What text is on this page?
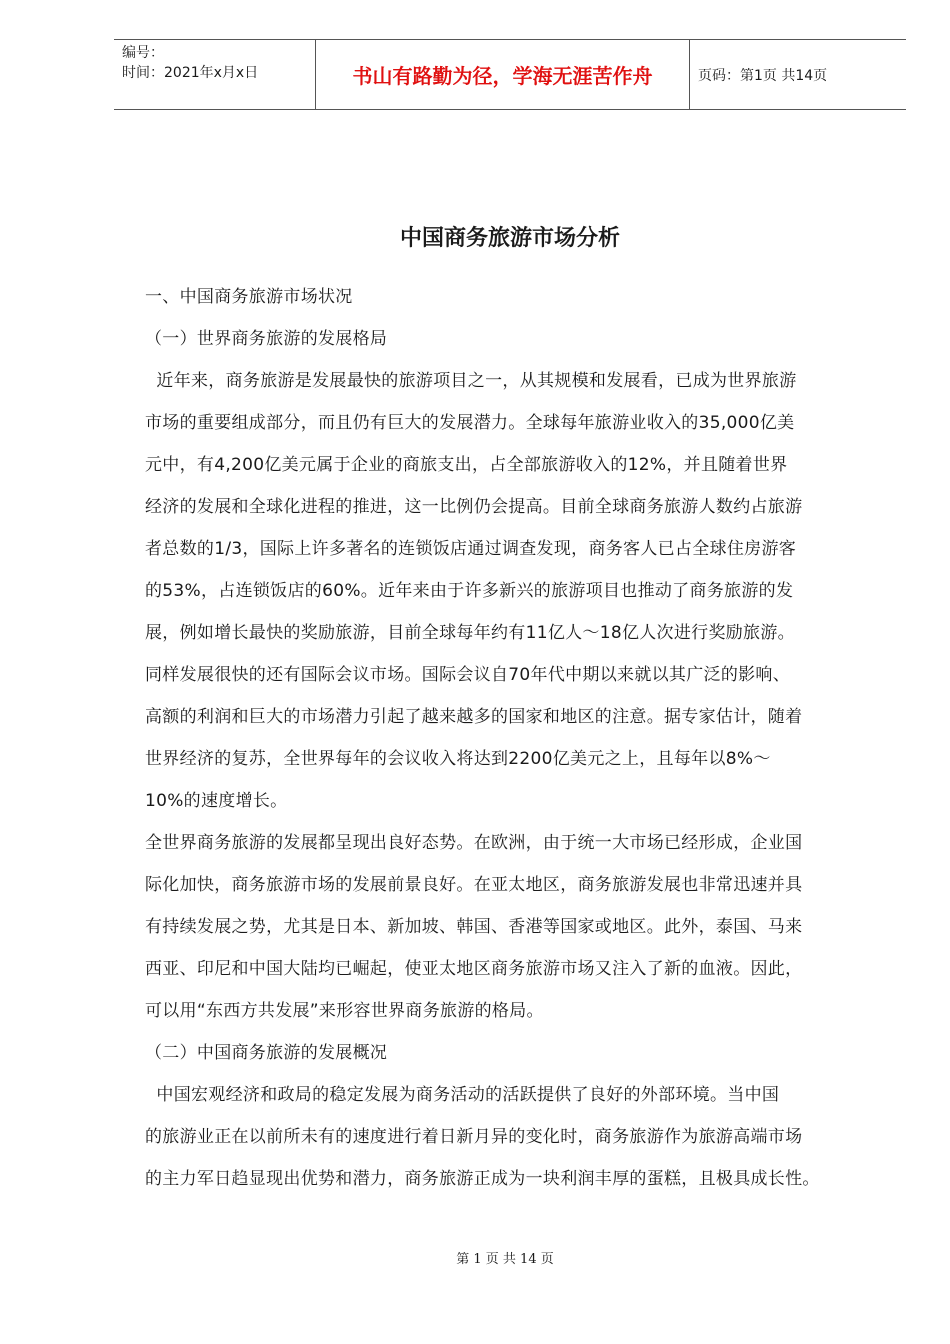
编号：
时间：2021年x月x日	书山有路勤为径，学海无涯苦作舟	页码：第1页 共14页
中国商务旅游市场分析
一、中国商务旅游市场状况
（一）世界商务旅游的发展格局
近年来，商务旅游是发展最快的旅游项目之一，从其规模和发展看，已成为世界旅游
市场的重要组成部分，而且仍有巨大的发展潜力。全球每年旅游业收入的35,000亿美
元中，有4,200亿美元属于企业的商旅支出，占全部旅游收入的12%，并且随着世界
经济的发展和全球化进程的推进，这一比例仍会提高。目前全球商务旅游人数约占旅游
者总数的1/3，国际上许多著名的连锁饭店通过调查发现，商务客人已占全球住房游客
的53%，占连锁饭店的60%。近年来由于许多新兴的旅游项目也推动了商务旅游的发
展，例如增长最快的奖励旅游，目前全球每年约有11亿人～18亿人次进行奖励旅游。
同样发展很快的还有国际会议市场。国际会议自70年代中期以来就以其广泛的影响、
高额的利润和巨大的市场潜力引起了越来越多的国家和地区的注意。据专家估计，随着
世界经济的复苏，全世界每年的会议收入将达到2200亿美元之上，且每年以8%～
10%的速度增长。
全世界商务旅游的发展都呈现出良好态势。在欧洲，由于统一大市场已经形成，企业国
际化加快，商务旅游市场的发展前景良好。在亚太地区，商务旅游发展也非常迅速并具
有持续发展之势，尤其是日本、新加坡、韩国、香港等国家或地区。此外，泰国、马来
西亚、印尼和中国大陆均已崛起，使亚太地区商务旅游市场又注入了新的血液。因此，
可以用“东西方共发展”来形容世界商务旅游的格局。
（二）中国商务旅游的发展概况
中国宏观经济和政局的稳定发展为商务活动的活跃提供了良好的外部环境。当中国
的旅游业正在以前所未有的速度进行着日新月异的变化时，商务旅游作为旅游高端市场
的主力军日趋显现出优势和潜力，商务旅游正成为一块利润丰厚的蛋糕，且极具成长性。
第 1 页 共 14 页
